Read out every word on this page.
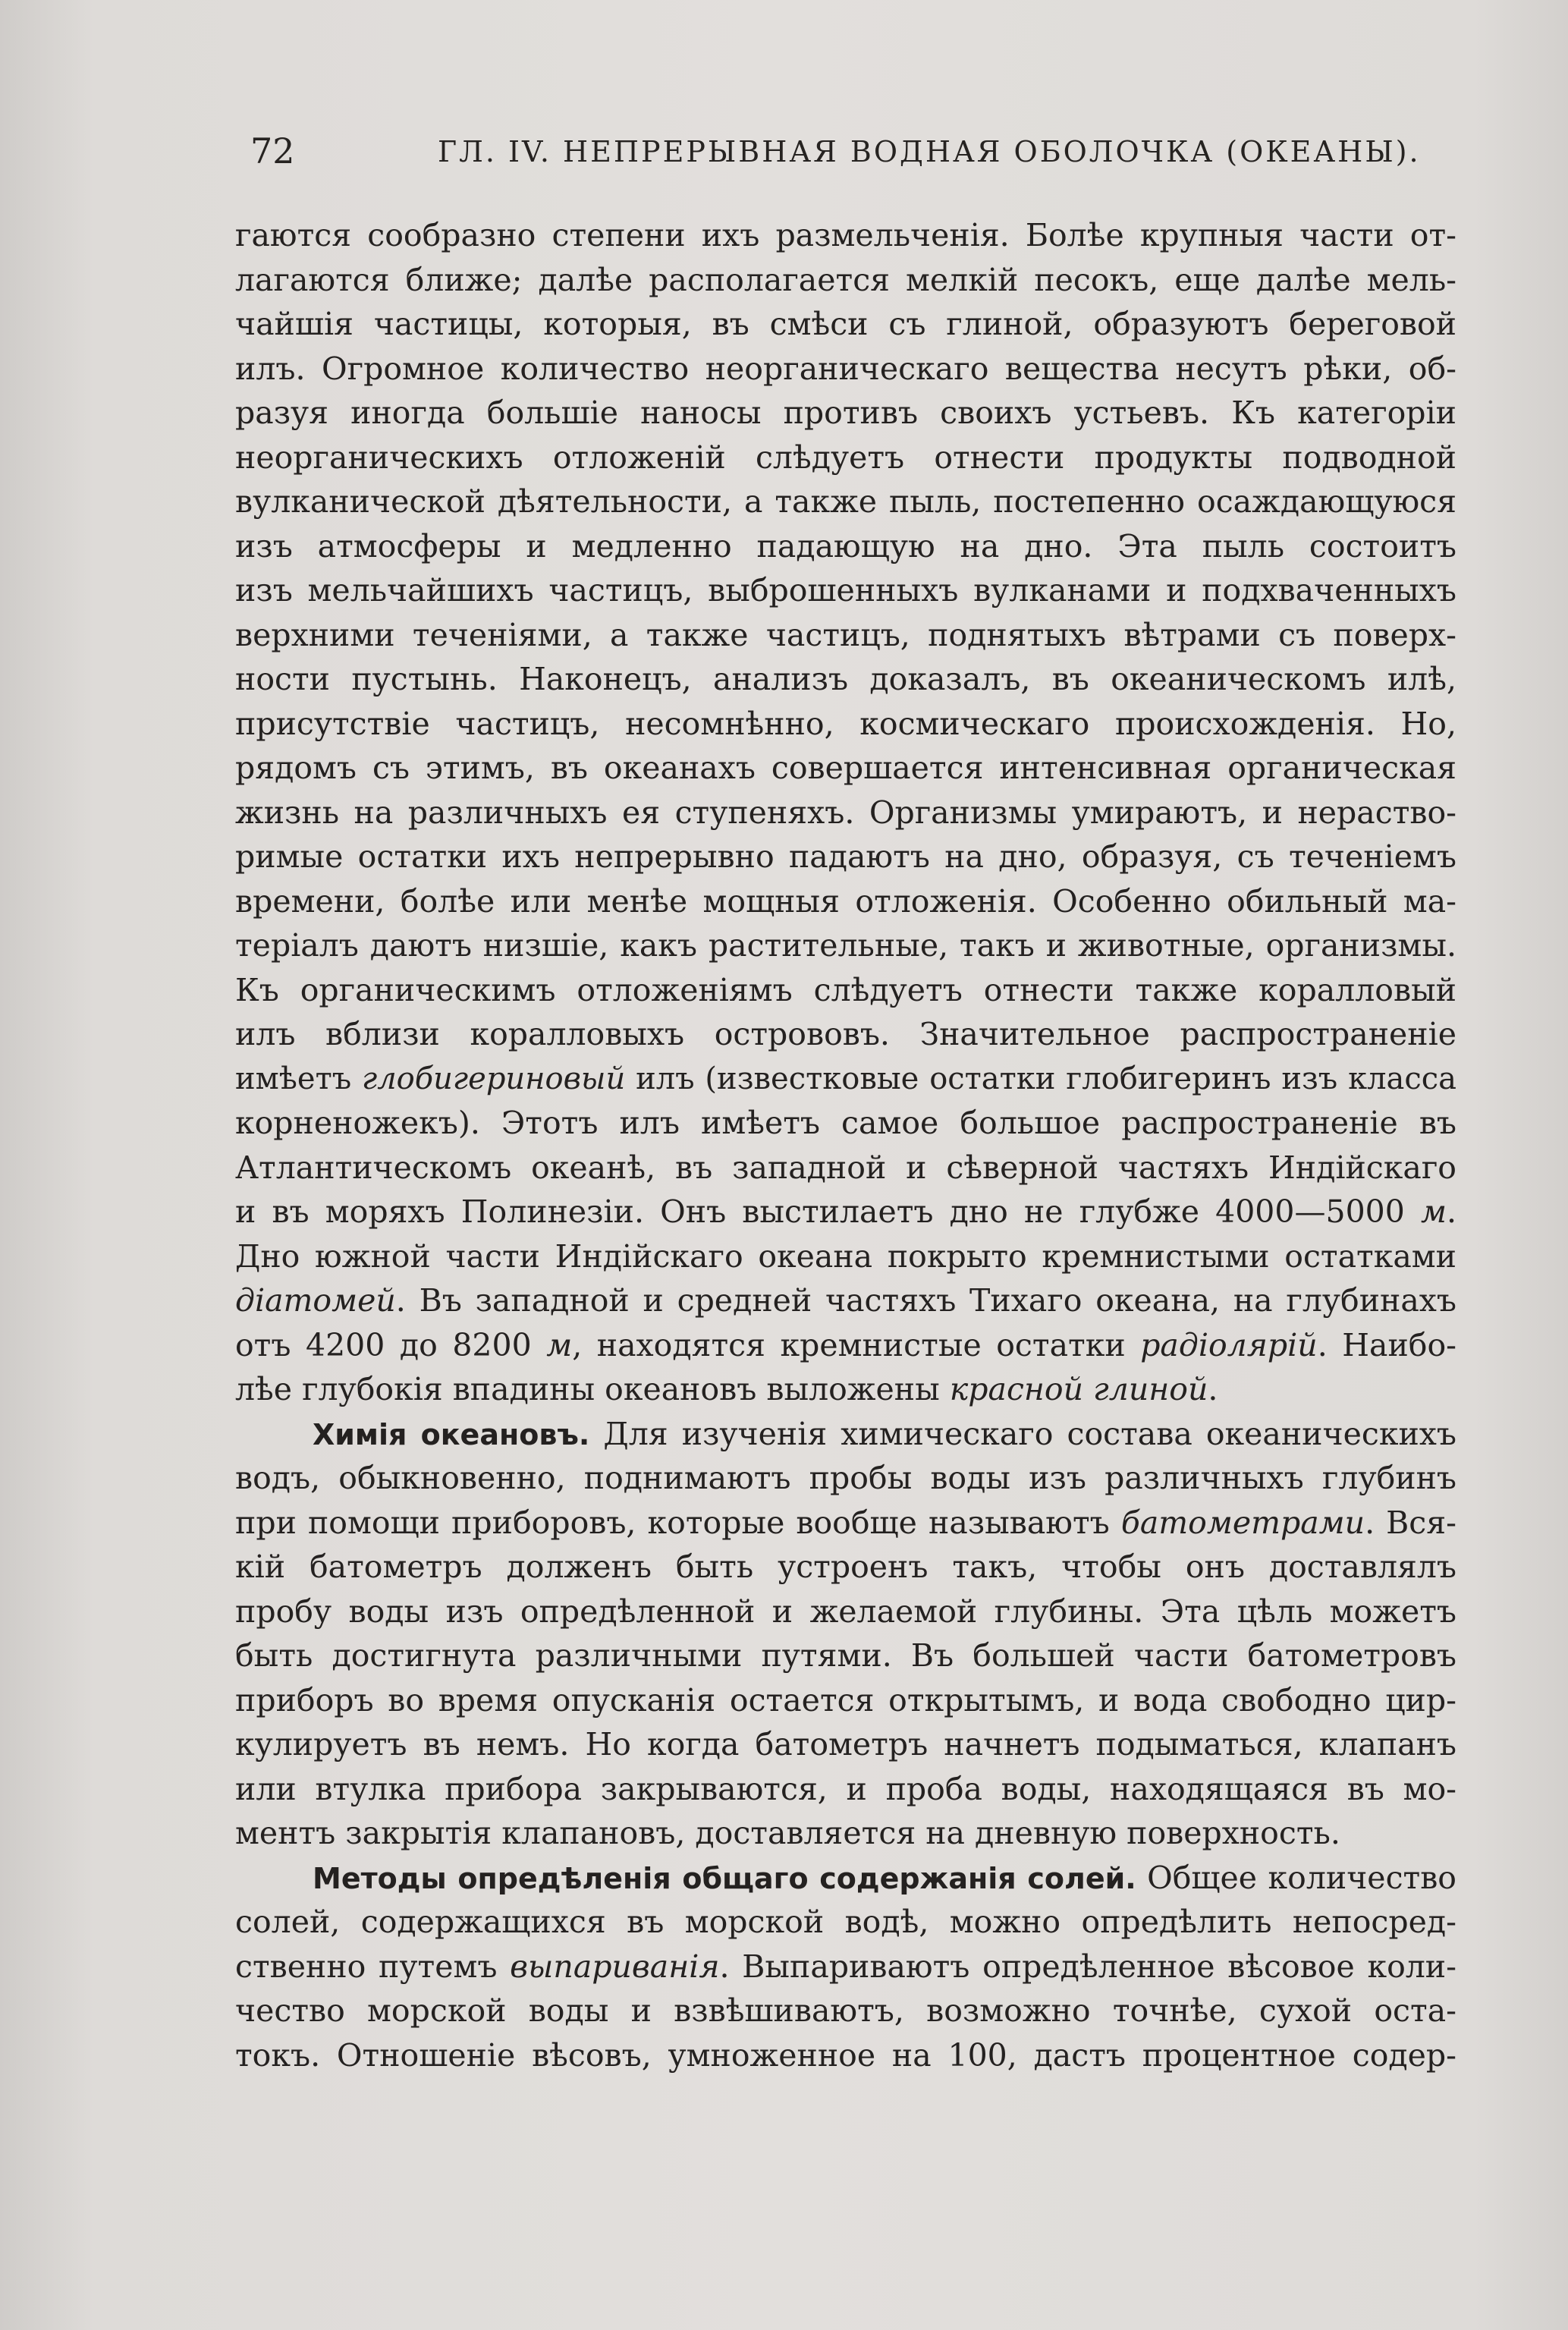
72	ГЛ. IV. НЕПРЕРЫВНАЯ ВОДНАЯ ОБОЛОЧКА (ОКЕАНЫ).
гаются сообразно степени ихъ размельченія. Болѣе крупныя части от-
лагаются ближе; далѣе располагается мелкій песокъ, еще далѣе мель-
чайшія частицы, которыя, въ смѣси съ глиной, образуютъ береговой
илъ. Огромное количество неорганическаго вещества несутъ рѣки, об-
разуя иногда большіе наносы противъ своихъ устьевъ. Къ категоріи
неорганическихъ отложеній слѣдуетъ отнести продукты подводной
вулканической дѣятельности, а также пыль, постепенно осаждающуюся
изъ атмосферы и медленно падающую на дно. Эта пыль состоитъ
изъ мельчайшихъ частицъ, выброшенныхъ вулканами и подхваченныхъ
верхними теченіями, а также частицъ, поднятыхъ вѣтрами съ поверх-
ности пустынь. Наконецъ, анализъ доказалъ, въ океаническомъ илѣ,
присутствіе частицъ, несомнѣнно, космическаго происхожденія. Но,
рядомъ съ этимъ, въ океанахъ совершается интенсивная органическая
жизнь на различныхъ ея ступеняхъ. Организмы умираютъ, и нераство-
римые остатки ихъ непрерывно падаютъ на дно, образуя, съ теченіемъ
времени, болѣе или менѣе мощныя отложенія. Особенно обильный ма-
теріалъ даютъ низшіе, какъ растительные, такъ и животные, организмы.
Къ органическимъ отложеніямъ слѣдуетъ отнести также коралловый
илъ вблизи коралловыхъ острововъ. Значительное распространеніе
имѣетъ глобигериновый илъ (известковые остатки глобигеринъ изъ класса
корненожекъ). Этотъ илъ имѣетъ самое большое распространеніе въ
Атлантическомъ океанѣ, въ западной и сѣверной частяхъ Индійскаго
и въ моряхъ Полинезіи. Онъ выстилаетъ дно не глубже 4000—5000 м.
Дно южной части Индійскаго океана покрыто кремнистыми остатками
діатомей. Въ западной и средней частяхъ Тихаго океана, на глубинахъ
отъ 4200 до 8200 м, находятся кремнистые остатки радіолярій. Наибо-
лѣе глубокія впадины океановъ выложены красной глиной.
Химія океановъ. Для изученія химическаго состава океаническихъ
водъ, обыкновенно, поднимаютъ пробы воды изъ различныхъ глубинъ
при помощи приборовъ, которые вообще называютъ батометрами. Вся-
кій батометръ долженъ быть устроенъ такъ, чтобы онъ доставлялъ
пробу воды изъ опредѣленной и желаемой глубины. Эта цѣль можетъ
быть достигнута различными путями. Въ большей части батометровъ
приборъ во время опусканія остается открытымъ, и вода свободно цир-
кулируетъ въ немъ. Но когда батометръ начнетъ подыматься, клапанъ
или втулка прибора закрываются, и проба воды, находящаяся въ мо-
ментъ закрытія клапановъ, доставляется на дневную поверхность.
Методы опредѣленія общаго содержанія солей. Общее количество
солей, содержащихся въ морской водѣ, можно опредѣлить непосред-
ственно путемъ выпариванія. Выпариваютъ опредѣленное вѣсовое коли-
чество морской воды и взвѣшиваютъ, возможно точнѣе, сухой оста-
токъ. Отношеніе вѣсовъ, умноженное на 100, дастъ процентное содер-
